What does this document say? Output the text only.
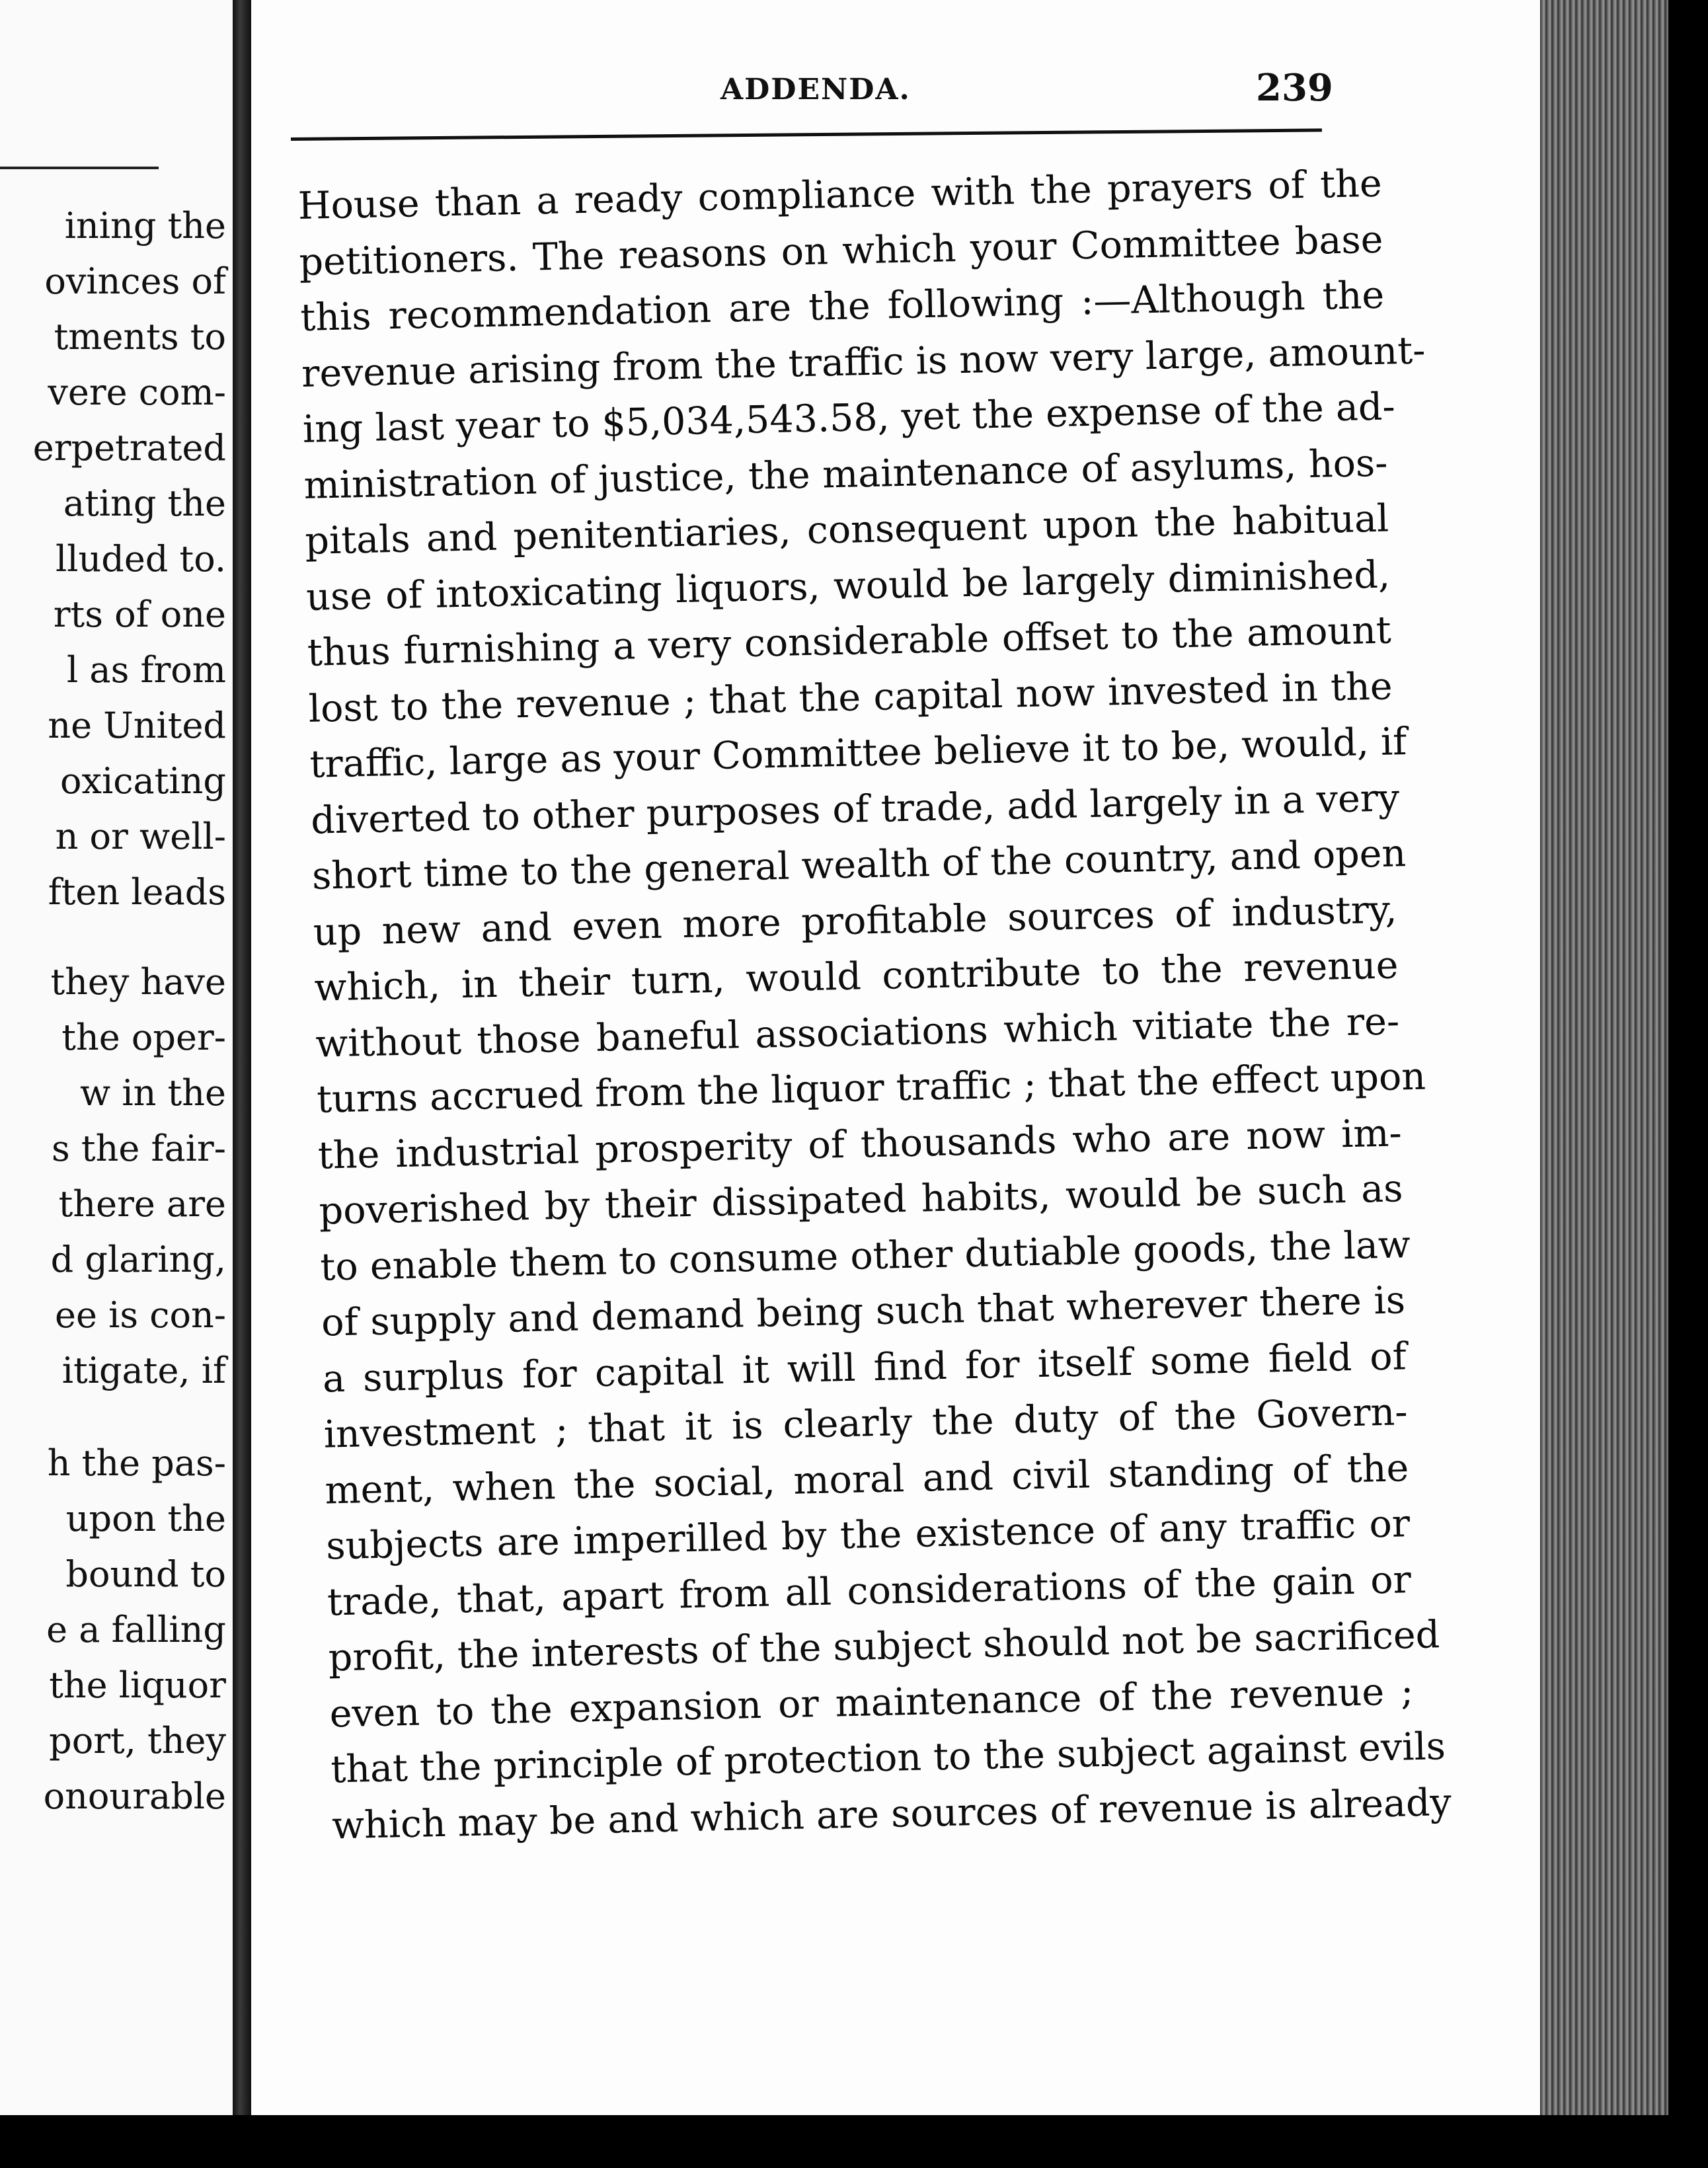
ining the
ovinces of
tments to
vere com-
erpetrated
ating the
lluded to.
rts of one
l as from
ne United
oxicating
n or well-
ften leads
they have
the oper-
w in the
s the fair-
there are
d glaring,
ee is con-
itigate, if
h the pas-
upon the
bound to
e a falling
the liquor
port, they
onourable
ADDENDA.	239
House than a ready compliance with the prayers of the
petitioners. The reasons on which your Committee base
this recommendation are the following :—Although the
revenue arising from the traffic is now very large, amount-
ing last year to $5,034,543.58, yet the expense of the ad-
ministration of justice, the maintenance of asylums, hos-
pitals and penitentiaries, consequent upon the habitual
use of intoxicating liquors, would be largely diminished,
thus furnishing a very considerable offset to the amount
lost to the revenue ; that the capital now invested in the
traffic, large as your Committee believe it to be, would, if
diverted to other purposes of trade, add largely in a very
short time to the general wealth of the country, and open
up new and even more profitable sources of industry,
which, in their turn, would contribute to the revenue
without those baneful associations which vitiate the re-
turns accrued from the liquor traffic ; that the effect upon
the industrial prosperity of thousands who are now im-
poverished by their dissipated habits, would be such as
to enable them to consume other dutiable goods, the law
of supply and demand being such that wherever there is
a surplus for capital it will find for itself some field of
investment ; that it is clearly the duty of the Govern-
ment, when the social, moral and civil standing of the
subjects are imperilled by the existence of any traffic or
trade, that, apart from all considerations of the gain or
profit, the interests of the subject should not be sacrificed
even to the expansion or maintenance of the revenue ;
that the principle of protection to the subject against evils
which may be and which are sources of revenue is already
